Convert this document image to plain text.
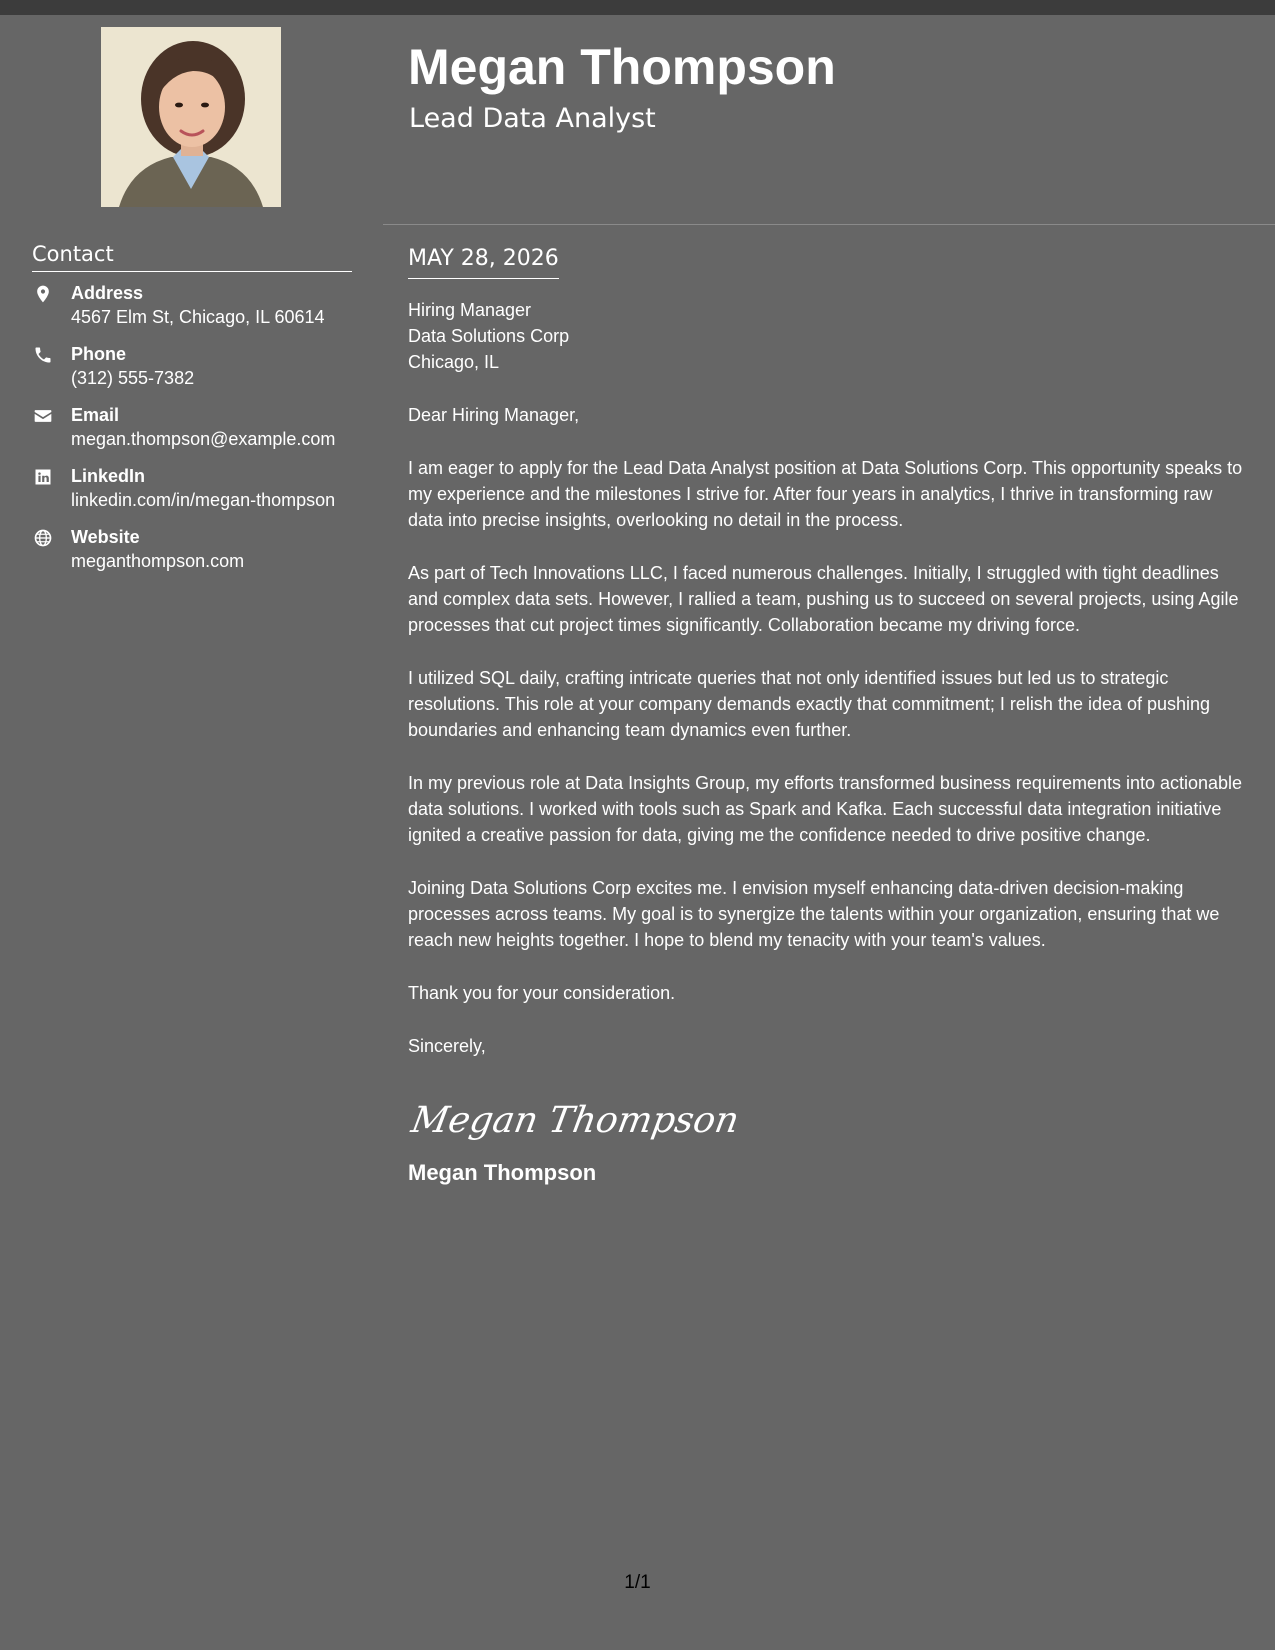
Contact
Address
4567 Elm St, Chicago, IL 60614
Phone
(312) 555-7382
Email
megan.thompson@example.com
LinkedIn
linkedin.com/in/megan-thompson
Website
meganthompson.com
Megan Thompson
Lead Data Analyst
MAY 28, 2026

Hiring Manager

Data Solutions Corp

Chicago, IL

Dear Hiring Manager,

I am eager to apply for the Lead Data Analyst position at Data Solutions Corp. This opportunity speaks to my experience and the milestones I strive for. After four years in analytics, I thrive in transforming raw data into precise insights, overlooking no detail in the process.

As part of Tech Innovations LLC, I faced numerous challenges. Initially, I struggled with tight deadlines and complex data sets. However, I rallied a team, pushing us to succeed on several projects, using Agile processes that cut project times significantly. Collaboration became my driving force.

I utilized SQL daily, crafting intricate queries that not only identified issues but led us to strategic resolutions. This role at your company demands exactly that commitment; I relish the idea of pushing boundaries and enhancing team dynamics even further.

In my previous role at Data Insights Group, my efforts transformed business requirements into actionable data solutions. I worked with tools such as Spark and Kafka. Each successful data integration initiative ignited a creative passion for data, giving me the confidence needed to drive positive change.

Joining Data Solutions Corp excites me. I envision myself enhancing data-driven decision-making processes across teams. My goal is to synergize the talents within your organization, ensuring that we reach new heights together. I hope to blend my tenacity with your team's values.

Thank you for your consideration.

Sincerely,

Megan Thompson
Megan Thompson
1/1
